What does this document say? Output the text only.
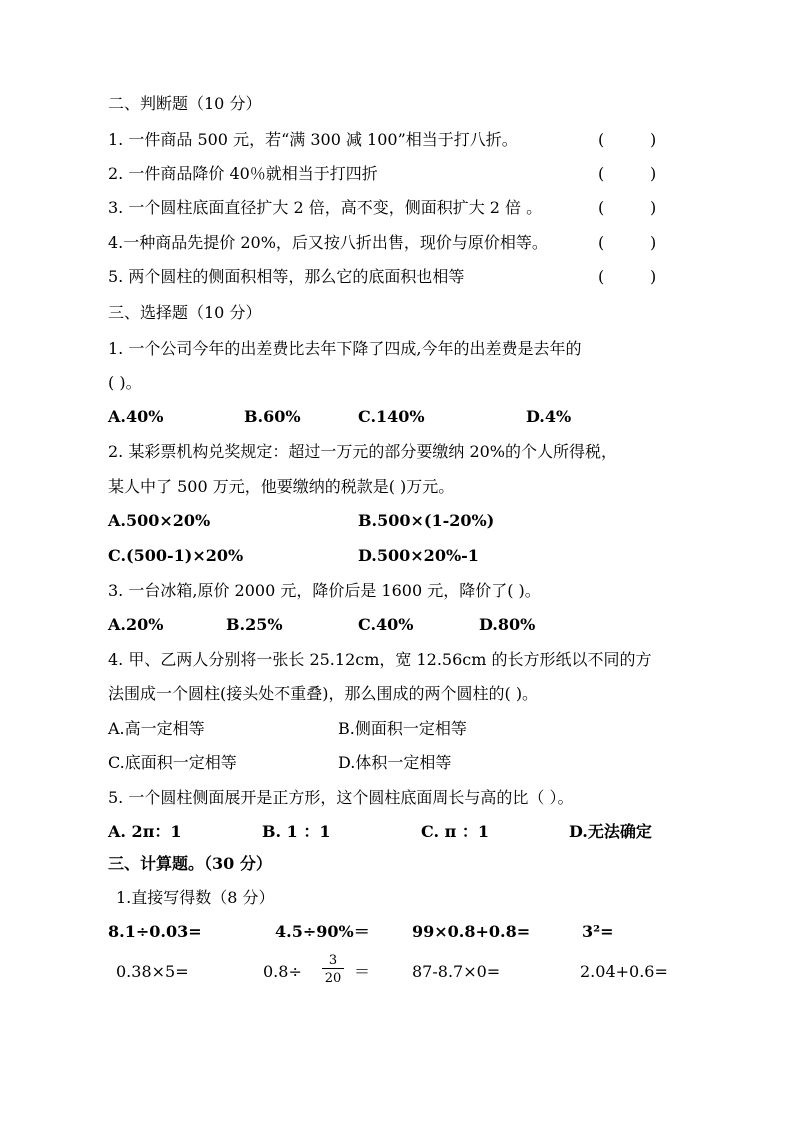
二、判断题（10 分）
1. 一件商品 500 元，若“满 300 减 100”相当于打八折。	(         )
2. 一件商品降价 40％就相当于打四折	(         )
3. 一个圆柱底面直径扩大 2 倍，高不变，侧面积扩大 2 倍 。	(         )
4.一种商品先提价 20%，后又按八折出售，现价与原价相等。	(         )
5. 两个圆柱的侧面积相等，那么它的底面积也相等	(         )
三、选择题（10 分）
1. 一个公司今年的出差费比去年下降了四成,今年的出差费是去年的
( )。
A.40%	B.60%	C.140%	D.4%
2. 某彩票机构兑奖规定：超过一万元的部分要缴纳 20%的个人所得税，
某人中了 500 万元，他要缴纳的税款是( )万元。
A.500×20%	B.500×(1-20%)
C.(500-1)×20%	D.500×20%-1
3. 一台冰箱,原价 2000 元，降价后是 1600 元，降价了( )。
A.20%	B.25%	C.40%	D.80%
4. 甲、乙两人分别将一张长 25.12cm，宽 12.56cm 的长方形纸以不同的方
法围成一个圆柱(接头处不重叠)，那么围成的两个圆柱的( )。
A.高一定相等	B.侧面积一定相等
C.底面积一定相等	D.体积一定相等
5. 一个圆柱侧面展开是正方形，这个圆柱底面周长与高的比（ ）。
A. 2π：1	B. 1 ：1	C. π ：1	D.无法确定
三、计算题。（30 分）
1.直接写得数（8 分）
8.1÷0.03=	4.5÷90%＝	99×0.8+0.8=	3²=
0.38×5=	$0.8\div \frac{3}{20}$ ＝	87-8.7×0=	2.04+0.6=
